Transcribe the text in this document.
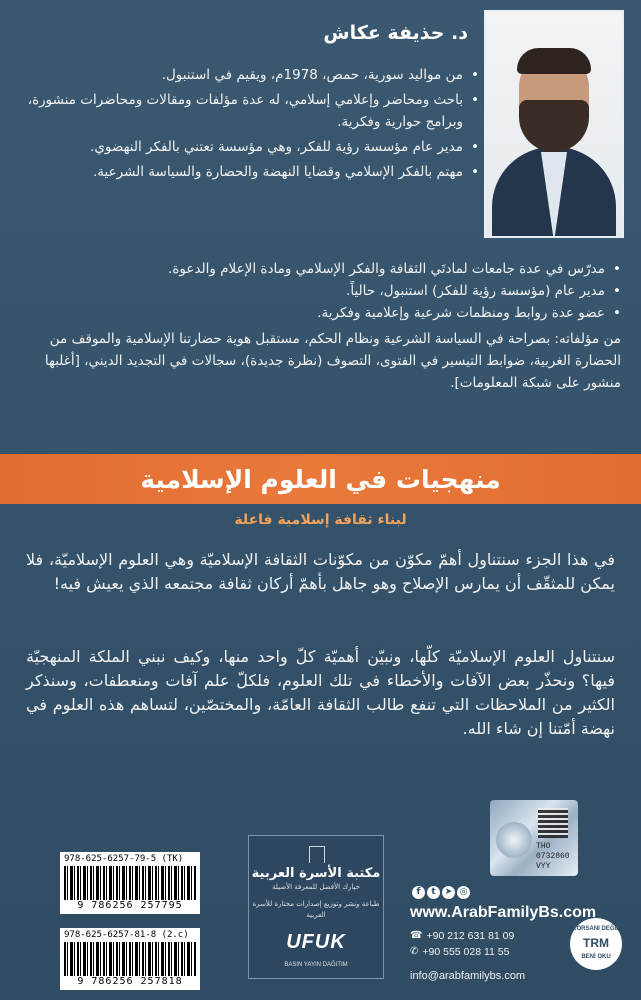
د. حذيفة عكاش
• من مواليد سورية، حمص، 1978م، ويقيم في استنبول.
• باحث ومحاضر وإعلامي إسلامي، له عدة مؤلفات ومقالات ومحاضرات منشورة، وبرامج حوارية وفكرية.
• مدير عام مؤسسة رؤية للفكر، وهي مؤسسة تعتني بالفكر النهضوي.
• مهتم بالفكر الإسلامي وقضايا النهضة والحضارة والسياسة الشرعية.
• مدرّس في عدة جامعات لمادتَي الثقافة والفكر الإسلامي ومادة الإعلام والدعوة.
• مدير عام (مؤسسة رؤية للفكر) استنبول، حالياً.
• عضو عدة روابط ومنظمات شرعية وإعلامية وفكرية.
من مؤلفاته: بصراحة في السياسة الشرعية ونظام الحكم، مستقبل هوية حضارتنا الإسلامية والموقف من الحضارة الغربية، ضوابط التيسير في الفتوى، التصوف (نظرة جديدة)، سجالات في التجديد الديني، [أغلبها منشور على شبكة المعلومات].
منهجيات في العلوم الإسلامية
لبناء ثقافة إسلامية فاعلة
في هذا الجزء سنتناول أهمّ مكوّن من مكوّنات الثقافة الإسلاميّة وهي العلوم الإسلاميّة، فلا يمكن للمثقّف أن يمارس الإصلاح وهو جاهل بأهمّ أركان ثقافة مجتمعه الذي يعيش فيه!
سنتناول العلوم الإسلاميّة كلّها، ونبيّن أهميّة كلّ واحد منها، وكيف نبني الملكة المنهجيّة فيها؟ ونحذّر بعض الآفات والأخطاء في تلك العلوم، فلكلّ علم آفات ومنعطفات، وسنذكر الكثير من الملاحظات التي تنفع طالب الثقافة العامّة، والمختصّين، لتساهم هذه العلوم في نهضة أمّتنا إن شاء الله.
978-625-6257-79-5 (TK)
9 786256 257795
978-625-6257-81-8 (2.c)
9 786256 257818
مكتبة الأسرة العربية
خيارك الأفضل للمعرفة الأصيلة
طباعة ونشر وتوزيع إصدارات مختارة للأسرة العربية
UFUK
BASIN YAYIN DAĞITIM
THO 0732860 VYY
f	t	➤ ◎
www.ArabFamilyBs.com
☎ +90 212 631 81 09
✆ +90 555 028 11 55
info@arabfamilybs.com
KORSANI DEĞİL
TRM
BENİ OKU
